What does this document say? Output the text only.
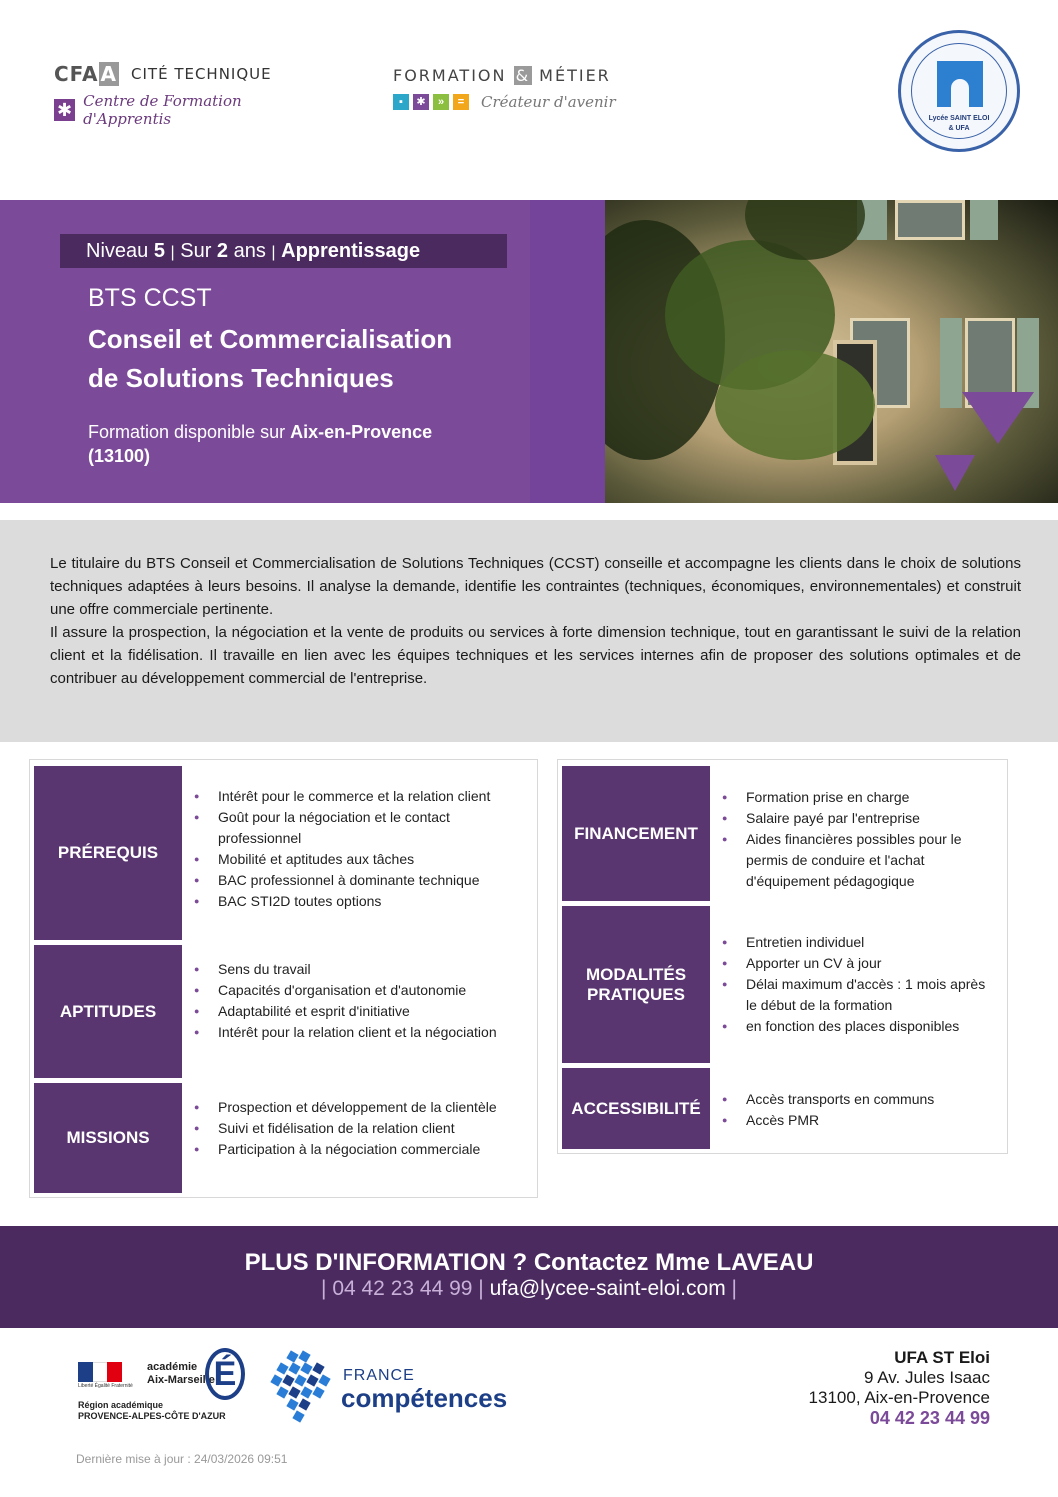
CFA A CITÉ TECHNIQUE
✱ Centre de Formation d'Apprentis
FORMATION & MÉTIER
▪	✱	»	=	Créateur d'avenir
Lycée SAINT ELOI
& UFA
Niveau 5 | Sur 2 ans | Apprentissage
BTS CCST
Conseil et Commercialisation
de Solutions Techniques
Formation disponible sur Aix-en-Provence
(13100)

Le titulaire du BTS Conseil et Commercialisation de Solutions Techniques (CCST) conseille et accompagne les clients dans le choix de solutions techniques adaptées à leurs besoins. Il analyse la demande, identifie les contraintes (techniques, économiques, environnementales) et construit une offre commerciale pertinente.
Il assure la prospection, la négociation et la vente de produits ou services à forte dimension technique, tout en garantissant le suivi de la relation client et la fidélisation. Il travaille en lien avec les équipes techniques et les services internes afin de proposer des solutions optimales et de contribuer au développement commercial de l'entreprise.

PRÉREQUIS
● Intérêt pour le commerce et la relation client
● Goût pour la négociation et le contact professionnel
● Mobilité et aptitudes aux tâches
● BAC professionnel à dominante technique
● BAC STI2D toutes options
APTITUDES
● Sens du travail
● Capacités d'organisation et d'autonomie
● Adaptabilité et esprit d'initiative
● Intérêt pour la relation client et la négociation
MISSIONS
● Prospection et développement de la clientèle
● Suivi et fidélisation de la relation client
● Participation à la négociation commerciale
FINANCEMENT
● Formation prise en charge
● Salaire payé par l'entreprise
● Aides financières possibles pour le permis de conduire et l'achat d'équipement pédagogique
MODALITÉS
PRATIQUES
● Entretien individuel
● Apporter un CV à jour
● Délai maximum d'accès : 1 mois après le début de la formation
● en fonction des places disponibles
ACCESSIBILITÉ
●	Accès transports en communs
● Accès PMR
PLUS D'INFORMATION ? Contactez Mme LAVEAU
| 04 42 23 44 99 | ufa@lycee-saint-eloi.com |
Liberté Égalité Fraternité
académie
Aix-Marseille
É
Région académique
PROVENCE-ALPES-CÔTE D'AZUR
FRANCE
compétences
UFA ST Eloi
9 Av. Jules Isaac
13100, Aix-en-Provence
04 42 23 44 99
Dernière mise à jour : 24/03/2026 09:51
